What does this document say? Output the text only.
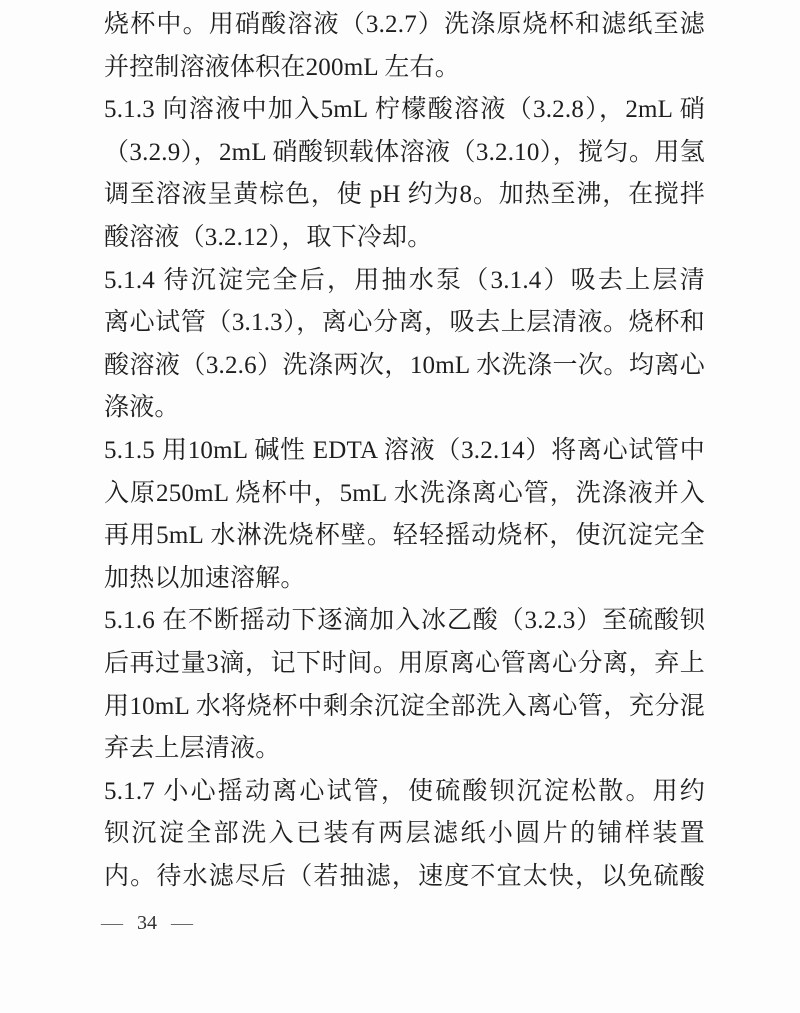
烧杯中。用硝酸溶液（3.2.7）洗涤原烧杯和滤纸至滤
并控制溶液体积在200mL 左右。
5.1.3 向溶液中加入5mL 柠檬酸溶液（3.2.8），2mL 硝
（3.2.9），2mL 硝酸钡载体溶液（3.2.10），搅匀。用氢
调至溶液呈黄棕色，使 pH 约为8。加热至沸，在搅拌
酸溶液（3.2.12），取下冷却。
5.1.4 待沉淀完全后，用抽水泵（3.1.4）吸去上层清
离心试管（3.1.3），离心分离，吸去上层清液。烧杯和
酸溶液（3.2.6）洗涤两次，10mL 水洗涤一次。均离心
涤液。
5.1.5 用10mL 碱性 EDTA 溶液（3.2.14）将离心试管中
入原250mL 烧杯中，5mL 水洗涤离心管，洗涤液并入
再用5mL 水淋洗烧杯壁。轻轻摇动烧杯，使沉淀完全
加热以加速溶解。
5.1.6 在不断摇动下逐滴加入冰乙酸（3.2.3）至硫酸钡
后再过量3滴，记下时间。用原离心管离心分离，弃上
用10mL 水将烧杯中剩余沉淀全部洗入离心管，充分混
弃去上层清液。
5.1.7 小心摇动离心试管，使硫酸钡沉淀松散。用约
钡沉淀全部洗入已装有两层滤纸小圆片的铺样装置
内。待水滤尽后（若抽滤，速度不宜太快，以免硫酸
— 34 —
